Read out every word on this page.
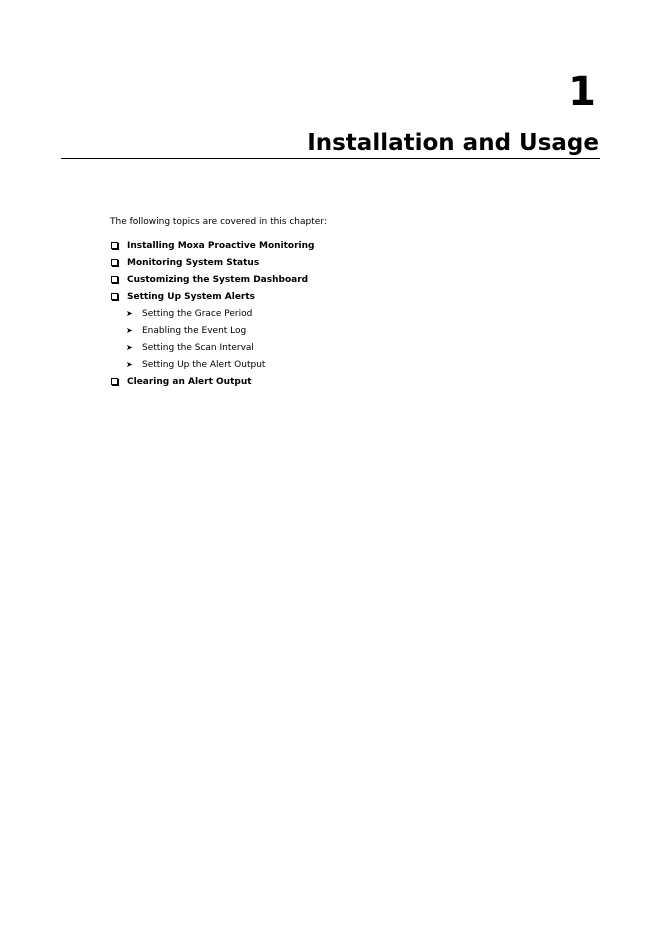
1
Installation and Usage

The following topics are covered in this chapter:

Installing Moxa Proactive Monitoring
Monitoring System Status
Customizing the System Dashboard
Setting Up System Alerts
➤ Setting the Grace Period
➤ Enabling the Event Log
➤ Setting the Scan Interval
➤ Setting Up the Alert Output
Clearing an Alert Output
